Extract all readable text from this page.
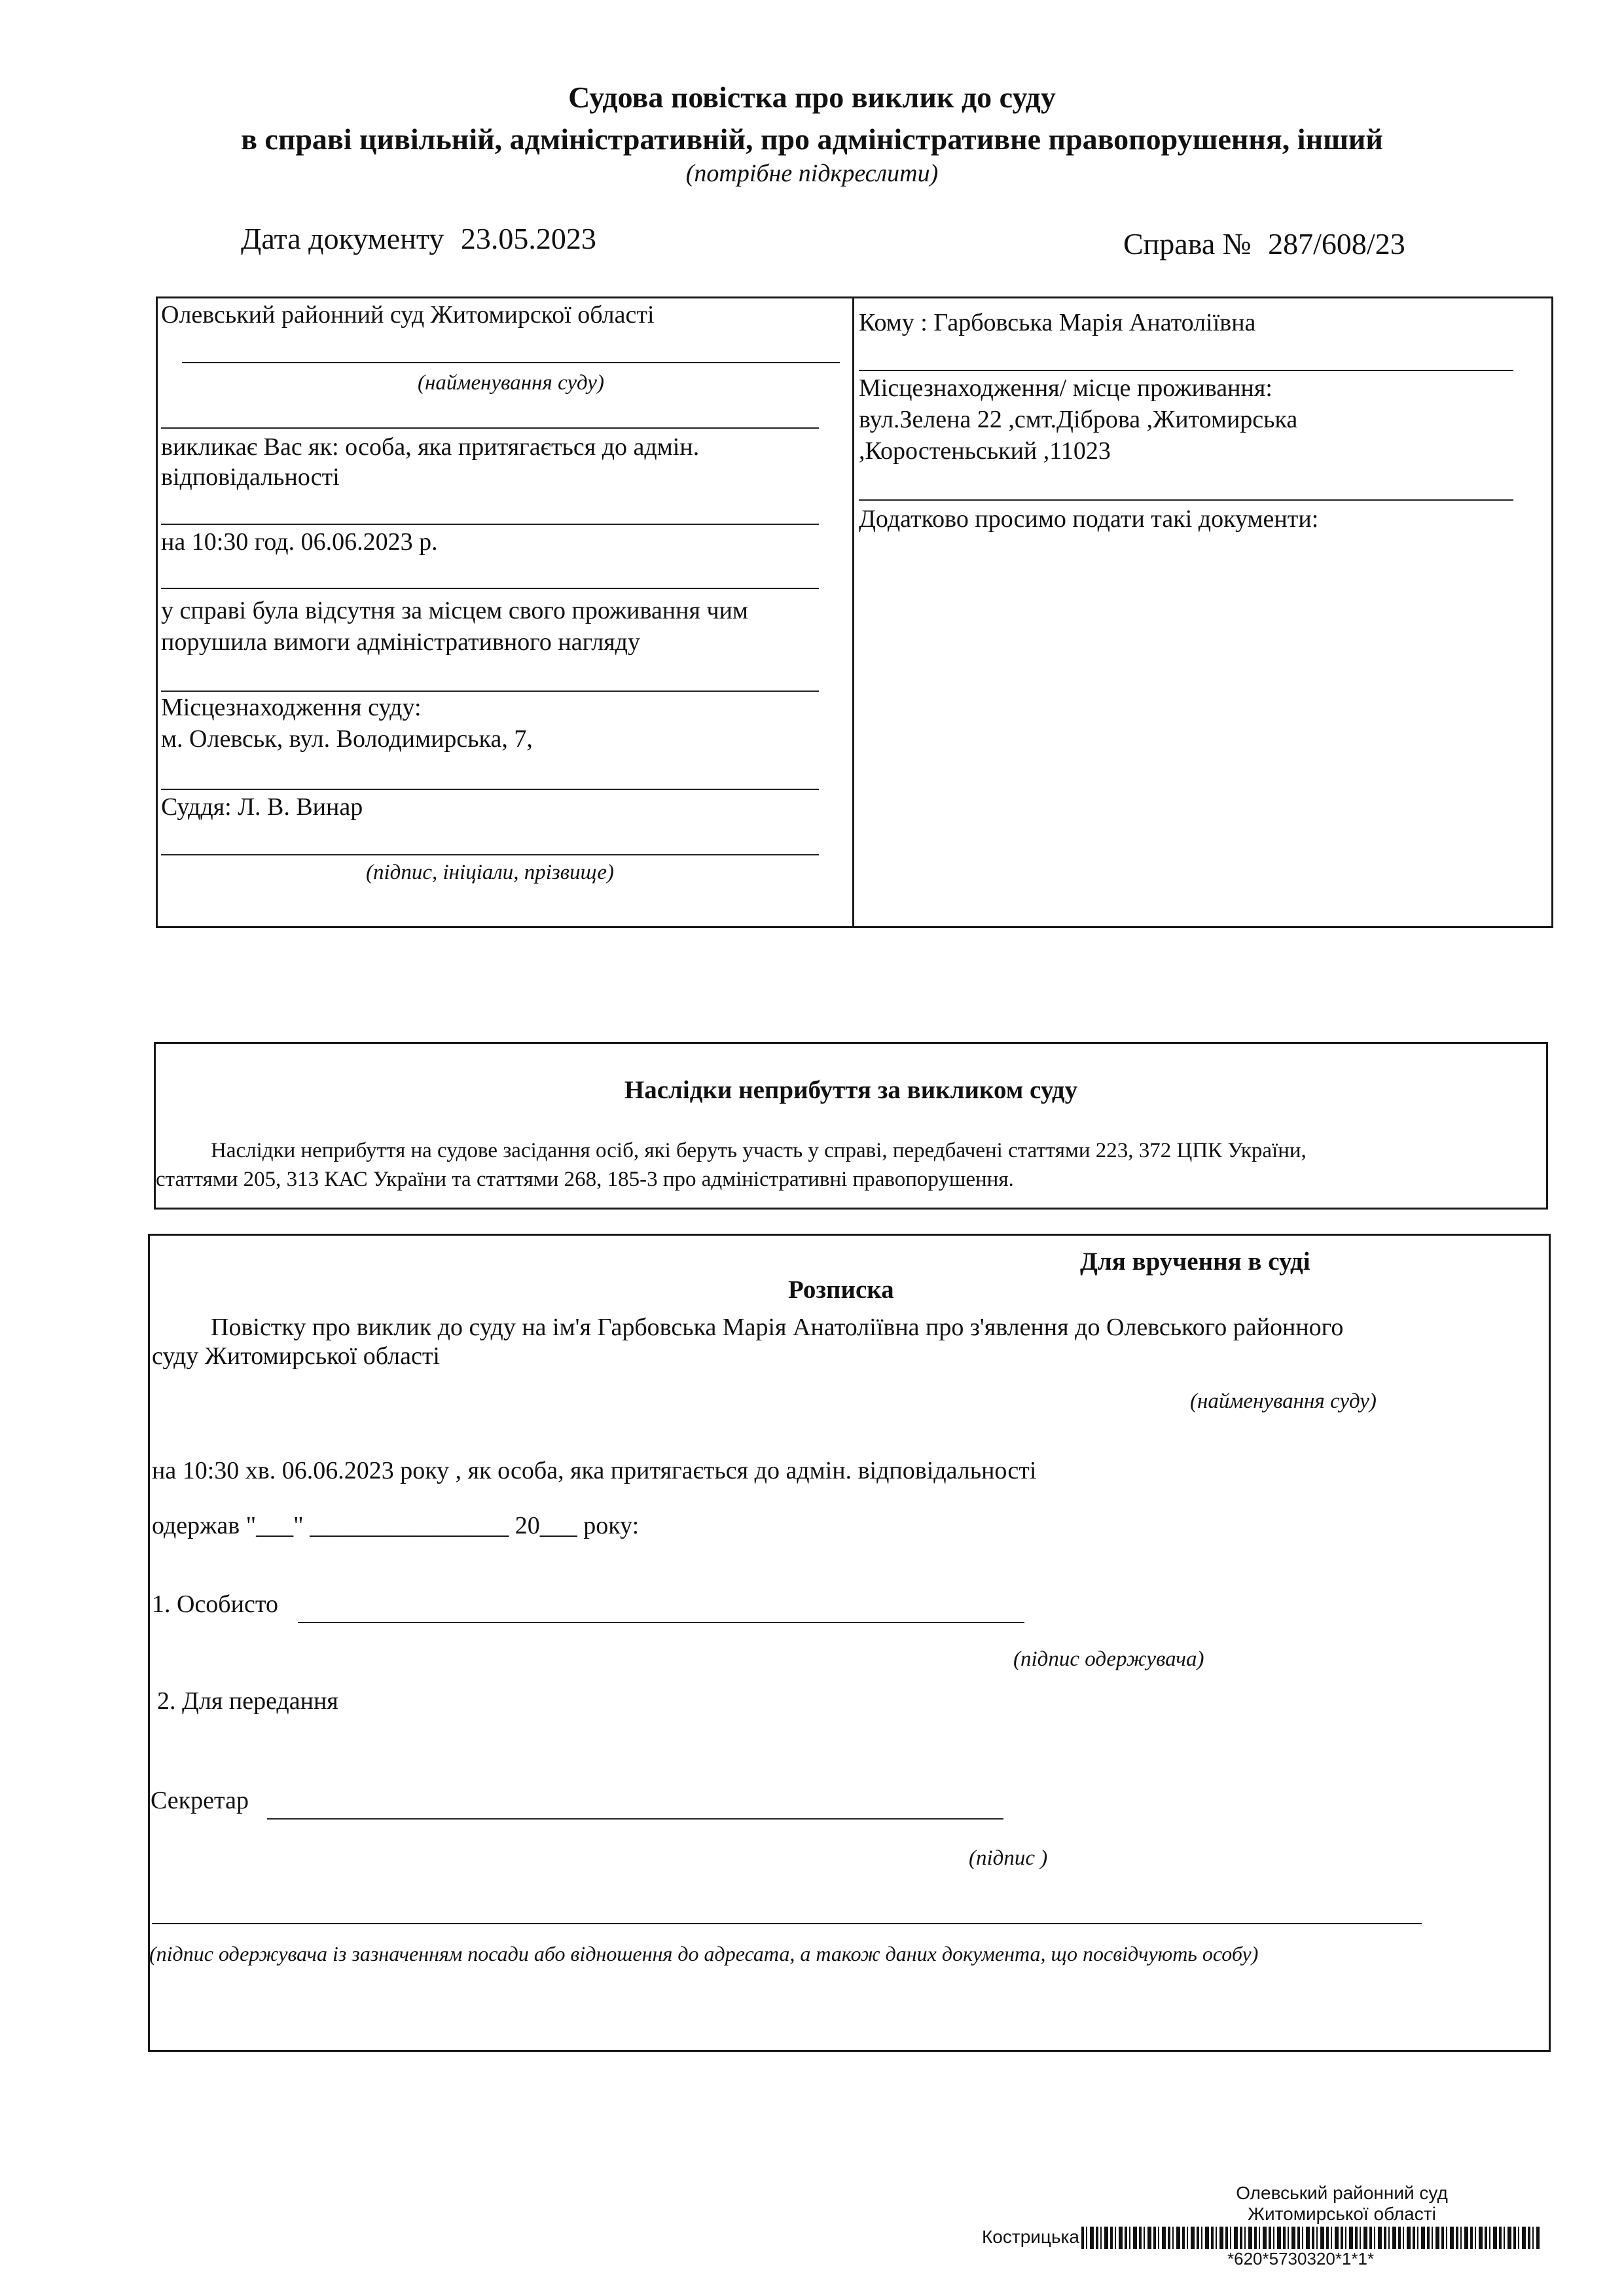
Судова повістка про виклик до суду
в справі цивільній, адміністративній, про адміністративне правопорушення, інший
(потрібне підкреслити)
Дата документу 23.05.2023	Справа № 287/608/23
Олевський районний суд Житомирскої області
(найменування суду)
викликає Вас як: особа, яка притягається до адмін.
відповідальності
на 10:30 год. 06.06.2023 р.
у справі була відсутня за місцем свого проживання чим
порушила вимоги адміністративного нагляду
Місцезнаходження суду:
м. Олевськ, вул. Володимирська, 7,
Суддя: Л. В. Винар
(підпис, ініціали, прізвище)
Кому : Гарбовська Марія Анатоліївна
Місцезнаходження/ місце проживання:
вул.Зелена 22 ,смт.Діброва ,Житомирська
,Коростеньський ,11023
Додатково просимо подати такі документи:
Наслідки неприбуття за викликом суду
Наслідки неприбуття на судове засідання осіб, які беруть участь у справі, передбачені статтями 223, 372 ЦПК України,
статтями 205, 313 КАС України та статтями 268, 185-3 про адміністративні правопорушення.
Для вручення в суді
Розписка
Повістку про виклик до суду на ім'я Гарбовська Марія Анатоліївна про з'явлення до Олевського районного
суду Житомирської області
(найменування суду)
на 10:30 хв. 06.06.2023 року , як особа, яка притягається до адмін. відповідальності
одержав "___" ________________ 20___ року:
1. Особисто
(підпис одержувача)
2. Для передання
Секретар
(підпис )
(підпис одержувача із зазначенням посади або відношення до адресата, а також даних документа, що посвідчують особу)
Олевський районний суд
Житомирської області
Кострицька
*620*5730320*1*1*
